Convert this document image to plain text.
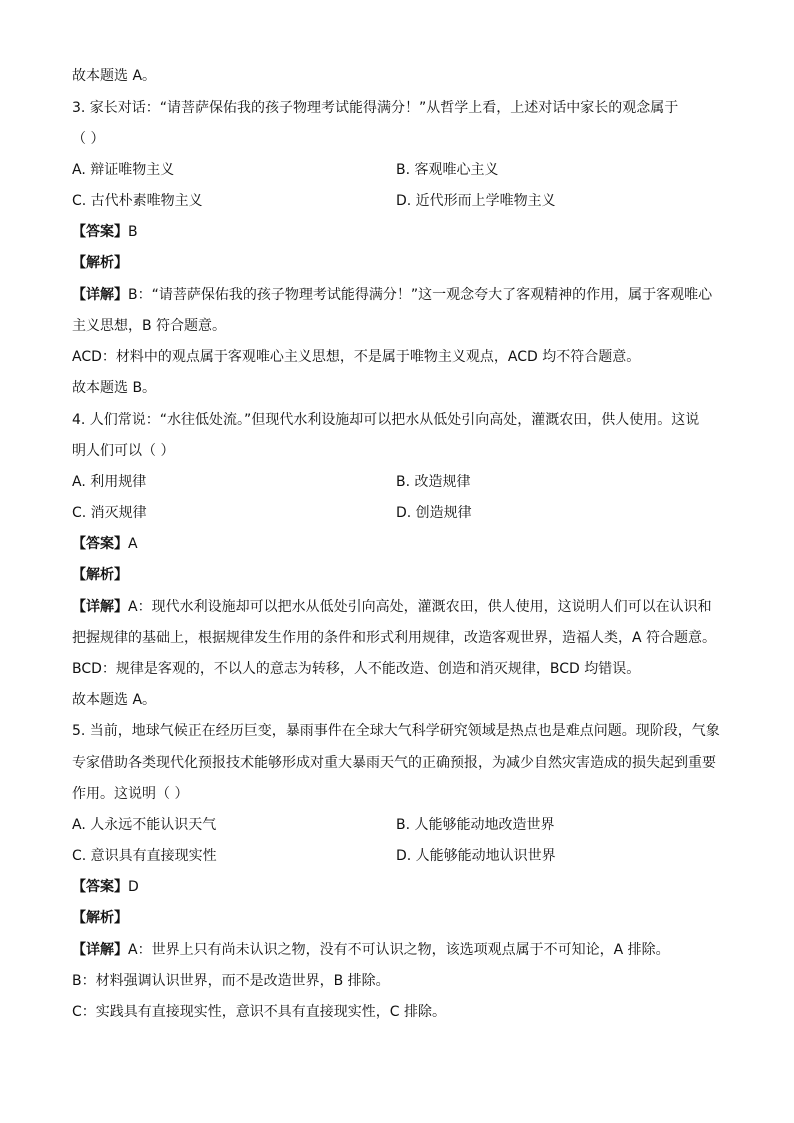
故本题选 A。
3. 家长对话：“请菩萨保佑我的孩子物理考试能得满分！”从哲学上看，上述对话中家长的观念属于
（ ）
A. 辩证唯物主义	B. 客观唯心主义
C. 古代朴素唯物主义	D. 近代形而上学唯物主义
【答案】B
【解析】
【详解】B：“请菩萨保佑我的孩子物理考试能得满分！”这一观念夸大了客观精神的作用，属于客观唯心
主义思想，B 符合题意。
ACD：材料中的观点属于客观唯心主义思想，不是属于唯物主义观点，ACD 均不符合题意。
故本题选 B。
4. 人们常说：“水往低处流。”但现代水利设施却可以把水从低处引向高处，灌溉农田，供人使用。这说
明人们可以（ ）
A. 利用规律	B. 改造规律
C. 消灭规律	D. 创造规律
【答案】A
【解析】
【详解】A：现代水利设施却可以把水从低处引向高处，灌溉农田，供人使用，这说明人们可以在认识和
把握规律的基础上，根据规律发生作用的条件和形式利用规律，改造客观世界，造福人类，A 符合题意。
BCD：规律是客观的，不以人的意志为转移，人不能改造、创造和消灭规律，BCD 均错误。
故本题选 A。
5. 当前，地球气候正在经历巨变，暴雨事件在全球大气科学研究领域是热点也是难点问题。现阶段，气象
专家借助各类现代化预报技术能够形成对重大暴雨天气的正确预报，为减少自然灾害造成的损失起到重要
作用。这说明（ ）
A. 人永远不能认识天气	B. 人能够能动地改造世界
C. 意识具有直接现实性	D. 人能够能动地认识世界
【答案】D
【解析】
【详解】A：世界上只有尚未认识之物，没有不可认识之物，该选项观点属于不可知论，A 排除。
B：材料强调认识世界，而不是改造世界，B 排除。
C：实践具有直接现实性，意识不具有直接现实性，C 排除。
